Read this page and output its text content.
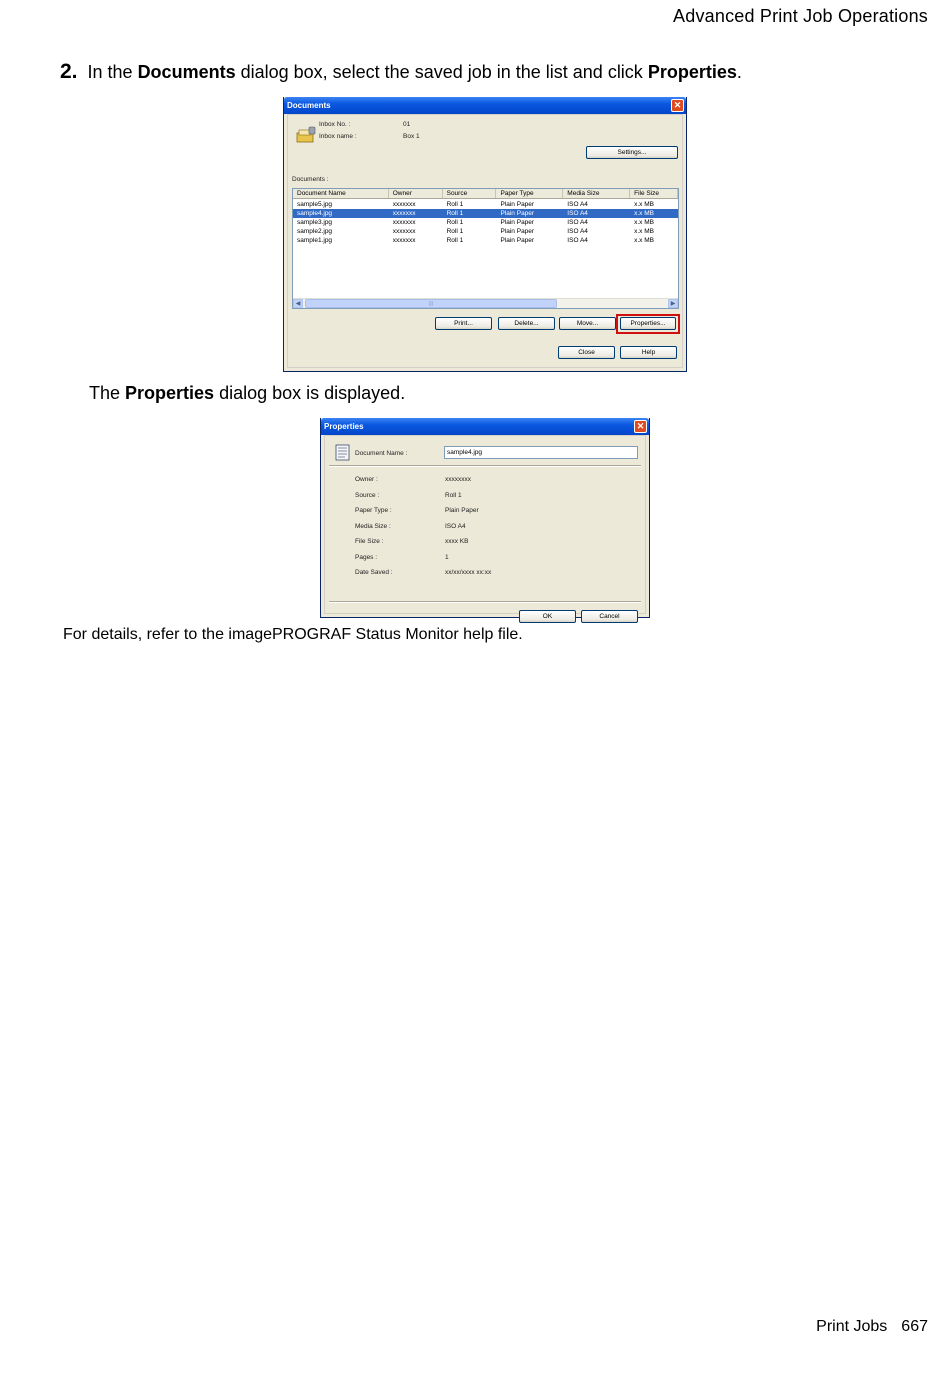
Advanced Print Job Operations
2. In the Documents dialog box, select the saved job in the list and click Properties.
Documents	✕
Inbox No. :	01
Inbox name :	Box 1
Settings...
Documents :
Document Name	Owner	Source	Paper Type	Media Size	File Size
sample5.jpg	xxxxxxx	Roll 1	Plain Paper	ISO A4	x.x MB
sample4.jpg	xxxxxxx	Roll 1	Plain Paper	ISO A4	x.x MB
sample3.jpg	xxxxxxx	Roll 1	Plain Paper	ISO A4	x.x MB
sample2.jpg	xxxxxxx	Roll 1	Plain Paper	ISO A4	x.x MB
sample1.jpg	xxxxxxx	Roll 1	Plain Paper	ISO A4	x.x MB
◀	|||	▶
Print...	Delete...	Move...	Properties...
Close	Help
The Properties dialog box is displayed.
Properties	✕
Document Name :	sample4.jpg
Owner :	xxxxxxxx
Source :	Roll 1
Paper Type :	Plain Paper
Media Size :	ISO A4
File Size :	xxxx KB
Pages :	1
Date Saved :	xx/xx/xxxx xx:xx
OK	Cancel
For details, refer to the imagePROGRAF Status Monitor help file.
Print Jobs 667
